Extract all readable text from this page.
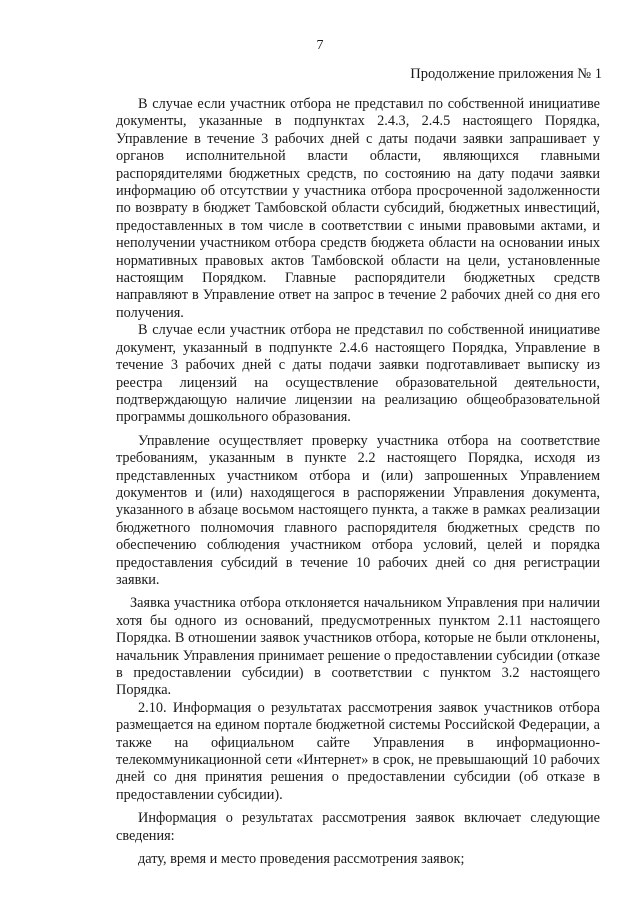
7
Продолжение приложения № 1

В случае если участник отбора не представил по собственной инициативе документы, указанные в подпунктах 2.4.3, 2.4.5 настоящего Порядка, Управление в течение 3 рабочих дней с даты подачи заявки запрашивает у органов исполнительной власти области, являющихся главными распорядителями бюджетных средств, по состоянию на дату подачи заявки информацию об отсутствии у участника отбора просроченной задолженности по возврату в бюджет Тамбовской области субсидий, бюджетных инвестиций, предоставленных в том числе в соответствии с иными правовыми актами, и неполучении участником отбора средств бюджета области на основании иных нормативных правовых актов Тамбовской области на цели, установленные настоящим Порядком. Главные распорядители бюджетных средств направляют в Управление ответ на запрос в течение 2 рабочих дней со дня его получения.

В случае если участник отбора не представил по собственной инициативе документ, указанный в подпункте 2.4.6 настоящего Порядка, Управление в течение 3 рабочих дней с даты подачи заявки подготавливает выписку из реестра лицензий на осуществление образовательной деятельности, подтверждающую наличие лицензии на реализацию общеобразовательной программы дошкольного образования.

Управление осуществляет проверку участника отбора на соответствие требованиям, указанным в пункте 2.2 настоящего Порядка, исходя из представленных участником отбора и (или) запрошенных Управлением документов и (или) находящегося в распоряжении Управления документа, указанного в абзаце восьмом настоящего пункта, а также в рамках реализации бюджетного полномочия главного распорядителя бюджетных средств по обеспечению соблюдения участником отбора условий, целей и порядка предоставления субсидий в течение 10 рабочих дней со дня регистрации заявки.

Заявка участника отбора отклоняется начальником Управления при наличии хотя бы одного из оснований, предусмотренных пунктом 2.11 настоящего Порядка. В отношении заявок участников отбора, которые не были отклонены, начальник Управления принимает решение о предоставлении субсидии (отказе в предоставлении субсидии) в соответствии с пунктом 3.2 настоящего Порядка.

2.10. Информация о результатах рассмотрения заявок участников отбора размещается на едином портале бюджетной системы Российской Федерации, а также на официальном сайте Управления в информационно-телекоммуникационной сети «Интернет» в срок, не превышающий 10 рабочих дней со дня принятия решения о предоставлении субсидии (об отказе в предоставлении субсидии).

Информация о результатах рассмотрения заявок включает следующие сведения:

дату, время и место проведения рассмотрения заявок;
